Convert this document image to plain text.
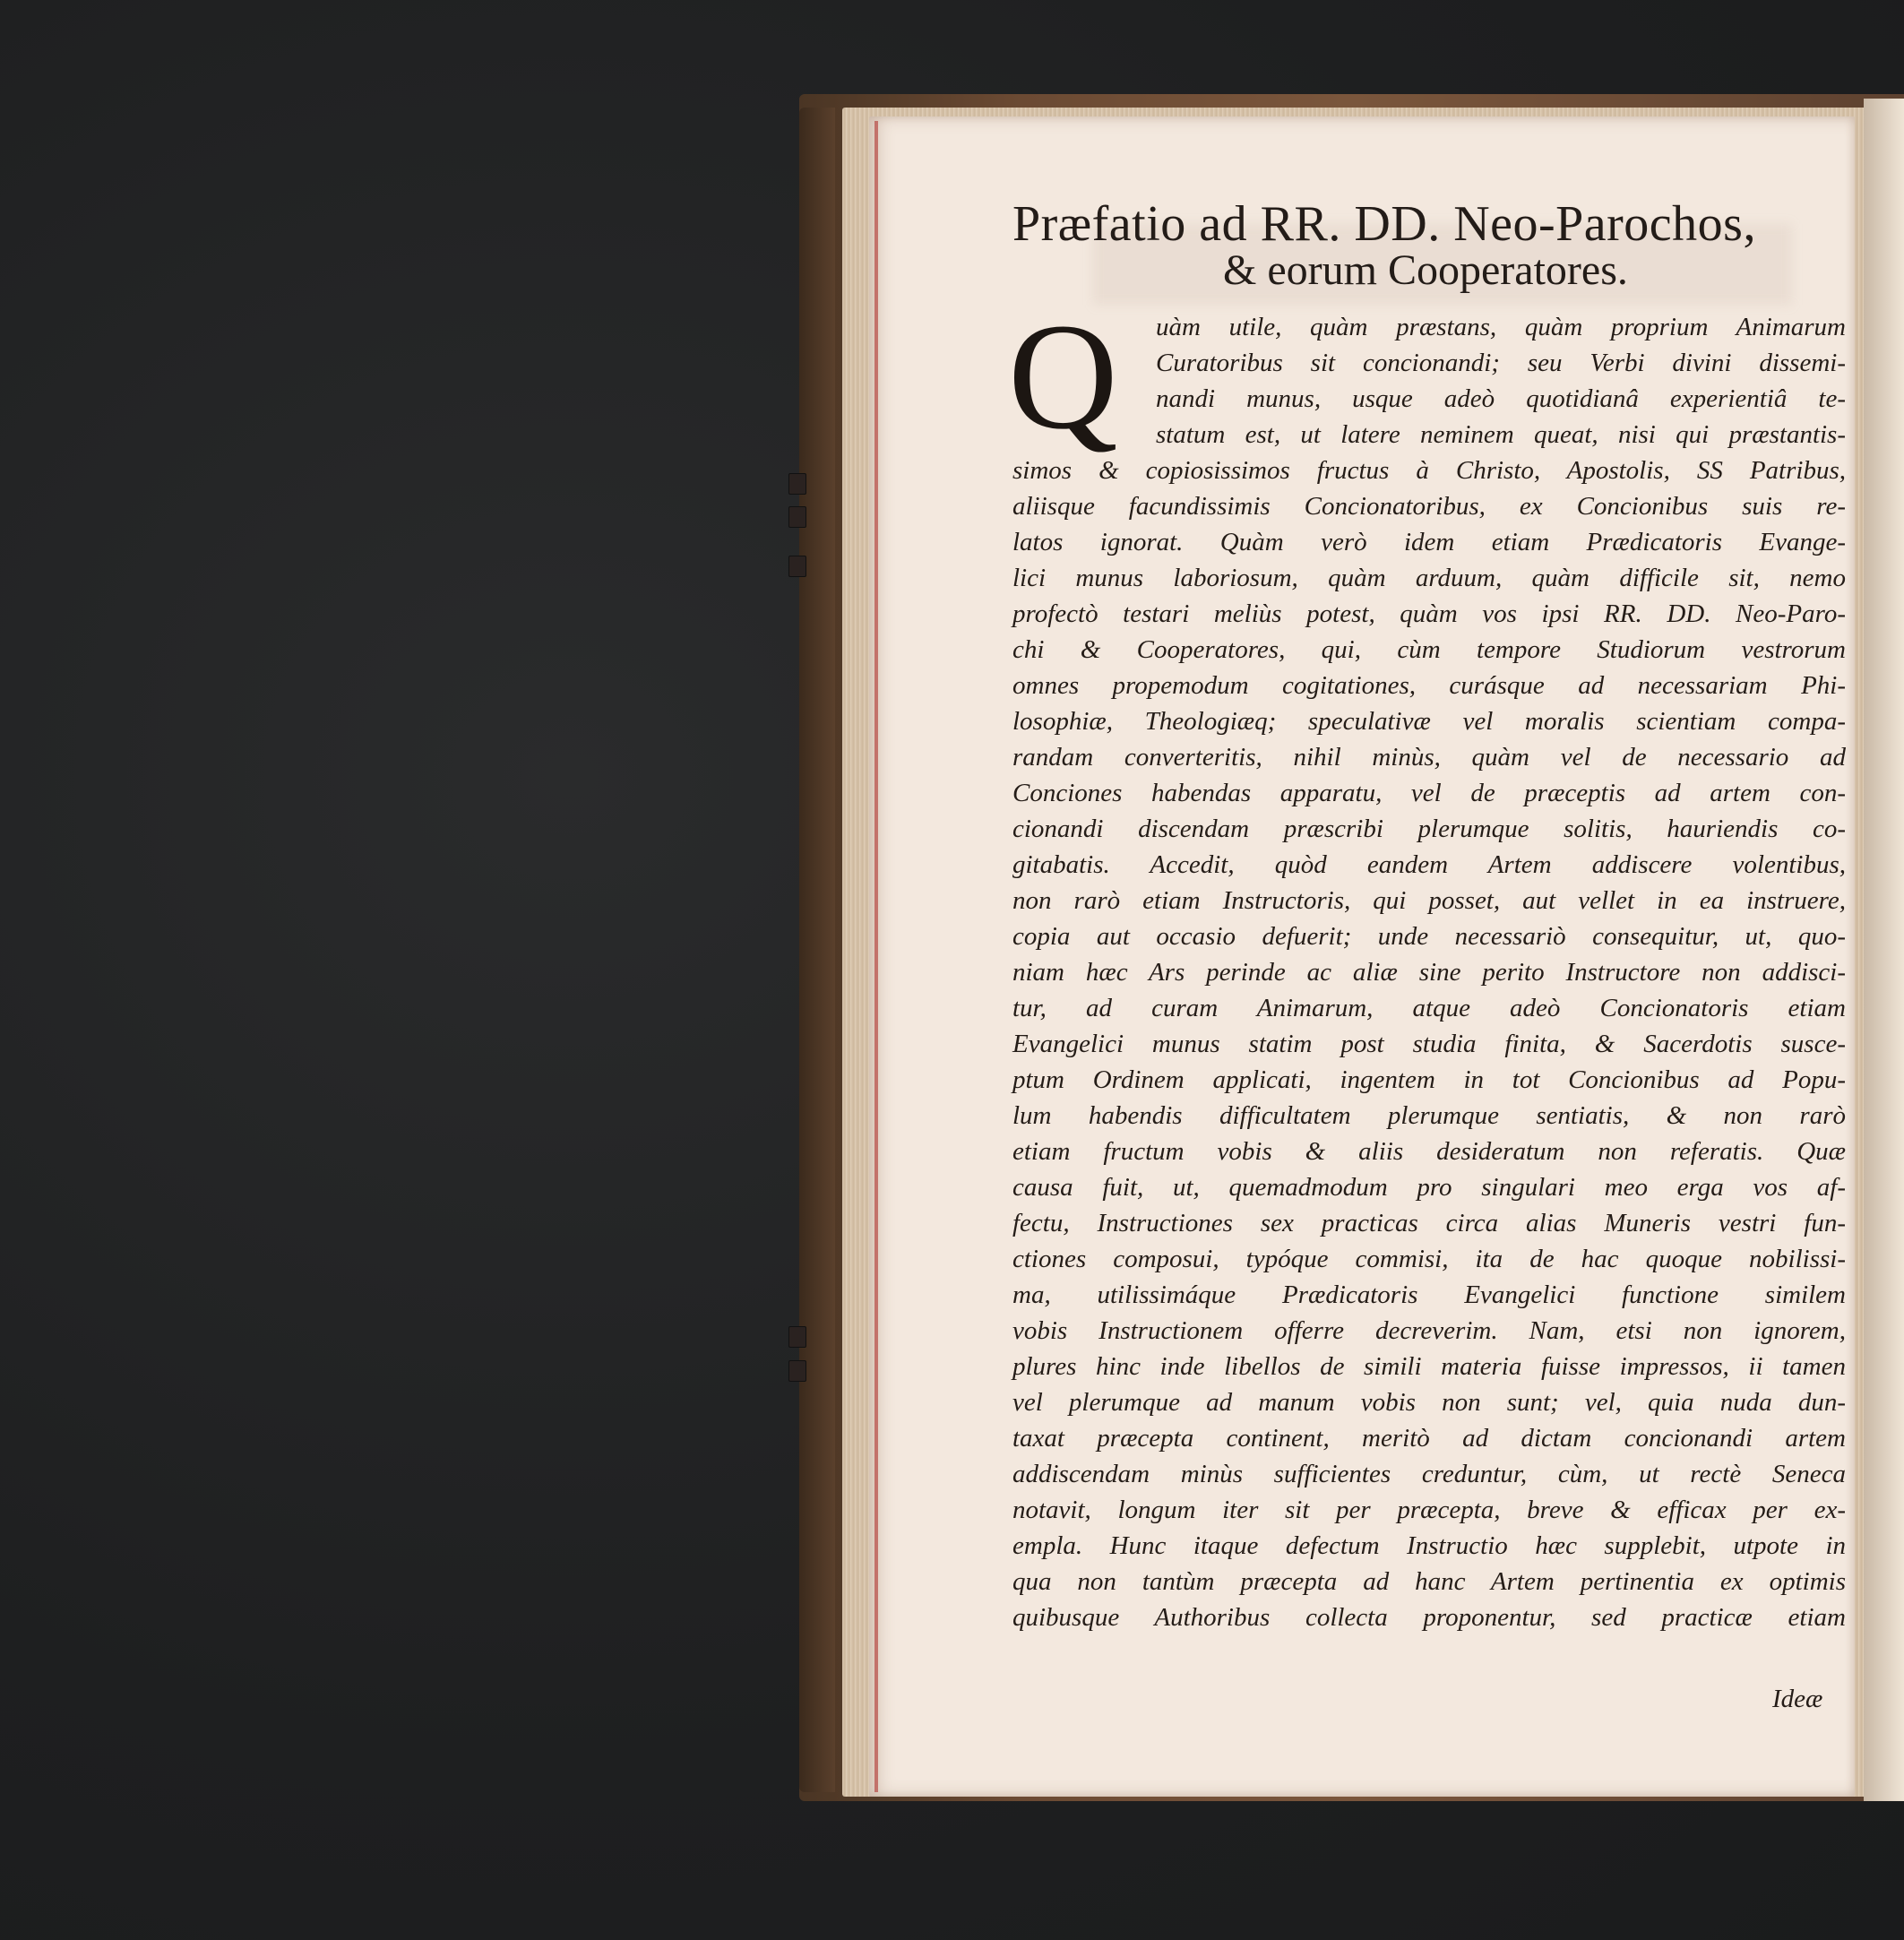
Præfatio ad RR. DD. Neo-Parochos,
& eorum Cooperatores.
Q uàm utile, quàm præstans, quàm proprium Animarum
Curatoribus sit concionandi; seu Verbi divini dissemi-
nandi munus, usque adeò quotidianâ experientiâ te-
statum est, ut latere neminem queat, nisi qui præstantis-
simos & copiosissimos fructus à Christo, Apostolis, SS Patribus,
aliisque facundissimis Concionatoribus, ex Concionibus suis re-
latos ignorat. Quàm verò idem etiam Prædicatoris Evange-
lici munus laboriosum, quàm arduum, quàm difficile sit, nemo
profectò testari meliùs potest, quàm vos ipsi RR. DD. Neo-Paro-
chi & Cooperatores, qui, cùm tempore Studiorum vestrorum
omnes propemodum cogitationes, curásque ad necessariam Phi-
losophiæ, Theologiæq; speculativæ vel moralis scientiam compa-
randam converteritis, nihil minùs, quàm vel de necessario ad
Conciones habendas apparatu, vel de præceptis ad artem con-
cionandi discendam præscribi plerumque solitis, hauriendis co-
gitabatis. Accedit, quòd eandem Artem addiscere volentibus,
non rarò etiam Instructoris, qui posset, aut vellet in ea instruere,
copia aut occasio defuerit; unde necessariò consequitur, ut, quo-
niam hæc Ars perinde ac aliæ sine perito Instructore non addisci-
tur, ad curam Animarum, atque adeò Concionatoris etiam
Evangelici munus statim post studia finita, & Sacerdotis susce-
ptum Ordinem applicati, ingentem in tot Concionibus ad Popu-
lum habendis difficultatem plerumque sentiatis, & non rarò
etiam fructum vobis & aliis desideratum non referatis. Quæ
causa fuit, ut, quemadmodum pro singulari meo erga vos af-
fectu, Instructiones sex practicas circa alias Muneris vestri fun-
ctiones composui, typóque commisi, ita de hac quoque nobilissi-
ma, utilissimáque Prædicatoris Evangelici functione similem
vobis Instructionem offerre decreverim. Nam, etsi non ignorem,
plures hinc inde libellos de simili materia fuisse impressos, ii tamen
vel plerumque ad manum vobis non sunt; vel, quia nuda dun-
taxat præcepta continent, meritò ad dictam concionandi artem
addiscendam minùs sufficientes creduntur, cùm, ut rectè Seneca
notavit, longum iter sit per præcepta, breve & efficax per ex-
empla. Hunc itaque defectum Instructio hæc supplebit, utpote in
qua non tantùm præcepta ad hanc Artem pertinentia ex optimis
quibusque Authoribus collecta proponentur, sed practicæ etiam
Ideæ
